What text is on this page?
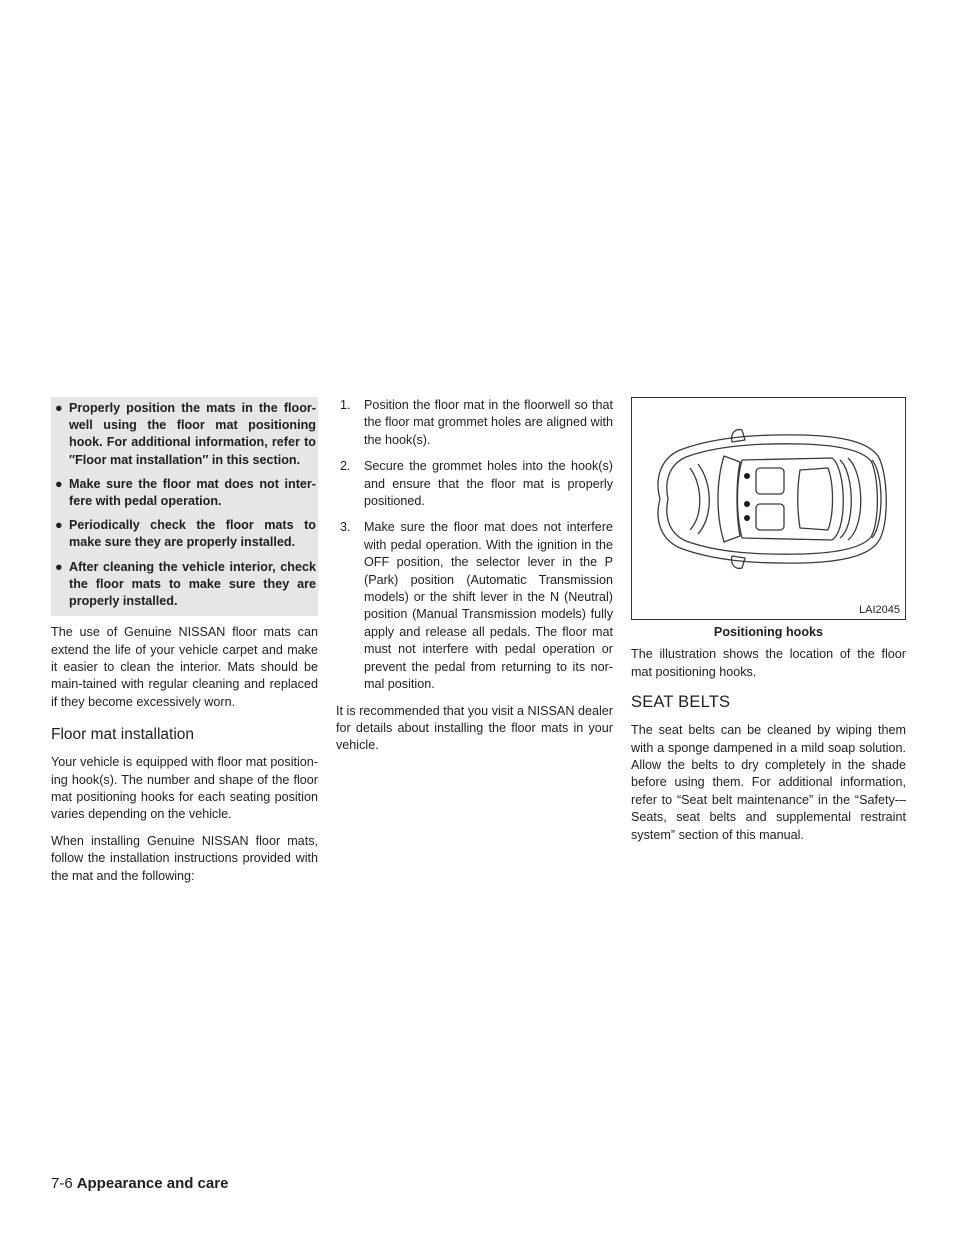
● Properly position the mats in the floor-well using the floor mat positioning hook. For additional information, refer to ″Floor mat installation″ in this section.
● Make sure the floor mat does not inter-fere with pedal operation.
● Periodically check the floor mats to make sure they are properly installed.
● After cleaning the vehicle interior, check the floor mats to make sure they are properly installed.

The use of Genuine NISSAN floor mats can extend the life of your vehicle carpet and make it easier to clean the interior. Mats should be main-tained with regular cleaning and replaced if they become excessively worn.

Floor mat installation

Your vehicle is equipped with floor mat position-ing hook(s). The number and shape of the floor mat positioning hooks for each seating position varies depending on the vehicle.

When installing Genuine NISSAN floor mats, follow the installation instructions provided with the mat and the following:

1.	Position the floor mat in the floorwell so that the floor mat grommet holes are aligned with the hook(s).
2.	Secure the grommet holes into the hook(s) and ensure that the floor mat is properly positioned.
3.	Make sure the floor mat does not interfere with pedal operation. With the ignition in the OFF position, the selector lever in the P (Park) position (Automatic Transmission models) or the shift lever in the N (Neutral) position (Manual Transmission models) fully apply and release all pedals. The floor mat must not interfere with pedal operation or prevent the pedal from returning to its nor-mal position.

It is recommended that you visit a NISSAN dealer for details about installing the floor mats in your vehicle.

LAI2045
Positioning hooks

The illustration shows the location of the floor mat positioning hooks.

SEAT BELTS

The seat belts can be cleaned by wiping them with a sponge dampened in a mild soap solution. Allow the belts to dry completely in the shade before using them. For additional information, refer to “Seat belt maintenance” in the “Safety-–Seats, seat belts and supplemental restraint system” section of this manual.

7-6 Appearance and care
